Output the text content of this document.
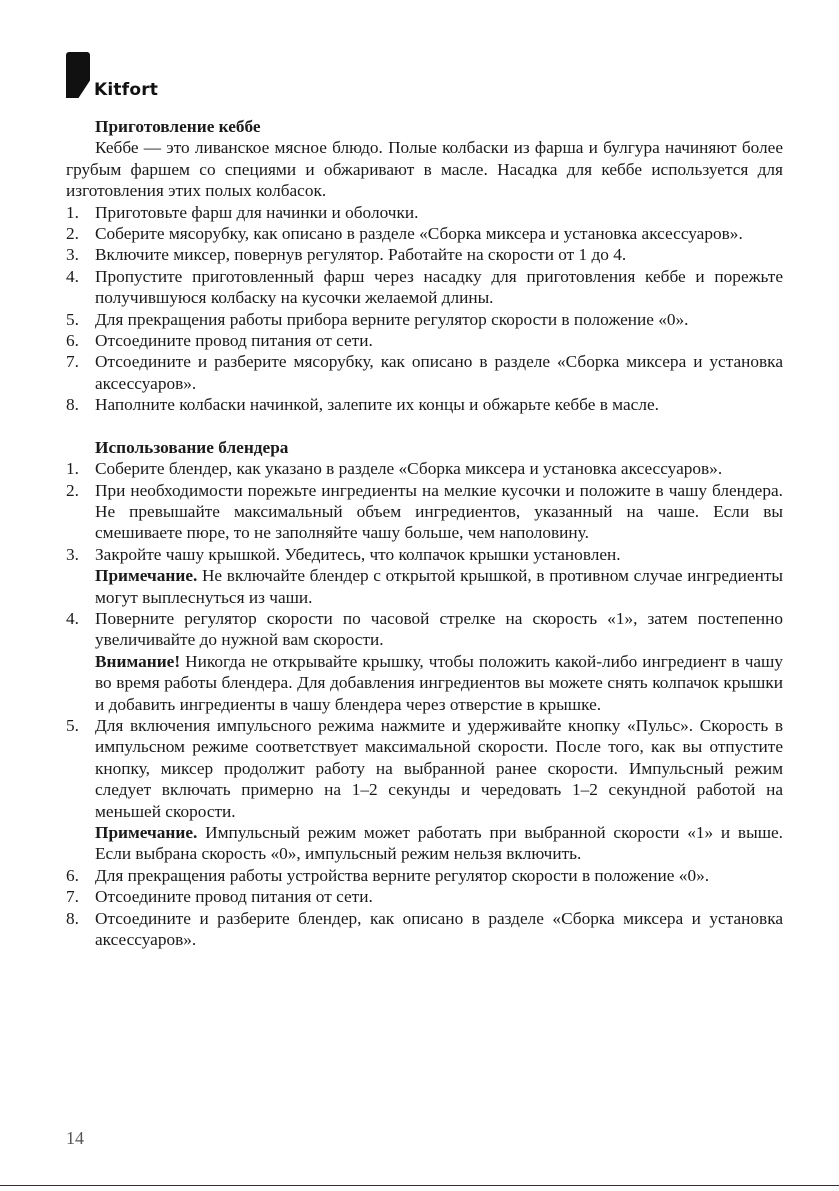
Kitfort

Приготовление кеббе

Кеббе — это ливанское мясное блюдо. Полые колбаски из фарша и булгура начиняют более грубым фаршем со специями и обжаривают в масле. Насадка для кеббе используется для изготовления этих полых колбасок.

1. Приготовьте фарш для начинки и оболочки.
2. Соберите мясорубку, как описано в разделе «Сборка миксера и установка аксессуаров».
3. Включите миксер, повернув регулятор. Работайте на скорости от 1 до 4.
4. Пропустите приготовленный фарш через насадку для приготовления кеббе и порежьте получившуюся колбаску на кусочки желаемой длины.
5. Для прекращения работы прибора верните регулятор скорости в положение «0».
6. Отсоедините провод питания от сети.
7. Отсоедините и разберите мясорубку, как описано в разделе «Сборка миксера и установка аксессуаров».
8. Наполните колбаски начинкой, залепите их концы и обжарьте кеббе в масле.

Использование блендера

1. Соберите блендер, как указано в разделе «Сборка миксера и установка аксессуаров».
2. При необходимости порежьте ингредиенты на мелкие кусочки и положите в чашу блендера. Не превышайте максимальный объем ингредиентов, указанный на чаше. Если вы смешиваете пюре, то не заполняйте чашу больше, чем наполовину.
3. Закройте чашу крышкой. Убедитесь, что колпачок крышки установлен.
Примечание. Не включайте блендер с открытой крышкой, в противном случае ингредиенты могут выплеснуться из чаши.
4. Поверните регулятор скорости по часовой стрелке на скорость «1», затем постепенно увеличивайте до нужной вам скорости.
Внимание! Никогда не открывайте крышку, чтобы положить какой-либо ингредиент в чашу во время работы блендера. Для добавления ингредиентов вы можете снять колпачок крышки и добавить ингредиенты в чашу блендера через отверстие в крышке.
5. Для включения импульсного режима нажмите и удерживайте кнопку «Пульс». Скорость в импульсном режиме соответствует максимальной скорости. После того, как вы отпустите кнопку, миксер продолжит работу на выбранной ранее скорости. Импульсный режим следует включать примерно на 1–2 секунды и чередовать 1–2 секундной работой на меньшей скорости.
Примечание. Импульсный режим может работать при выбранной скорости «1» и выше. Если выбрана скорость «0», импульсный режим нельзя включить.
6. Для прекращения работы устройства верните регулятор скорости в положение «0».
7. Отсоедините провод питания от сети.
8. Отсоедините и разберите блендер, как описано в разделе «Сборка миксера и установка аксессуаров».
14
